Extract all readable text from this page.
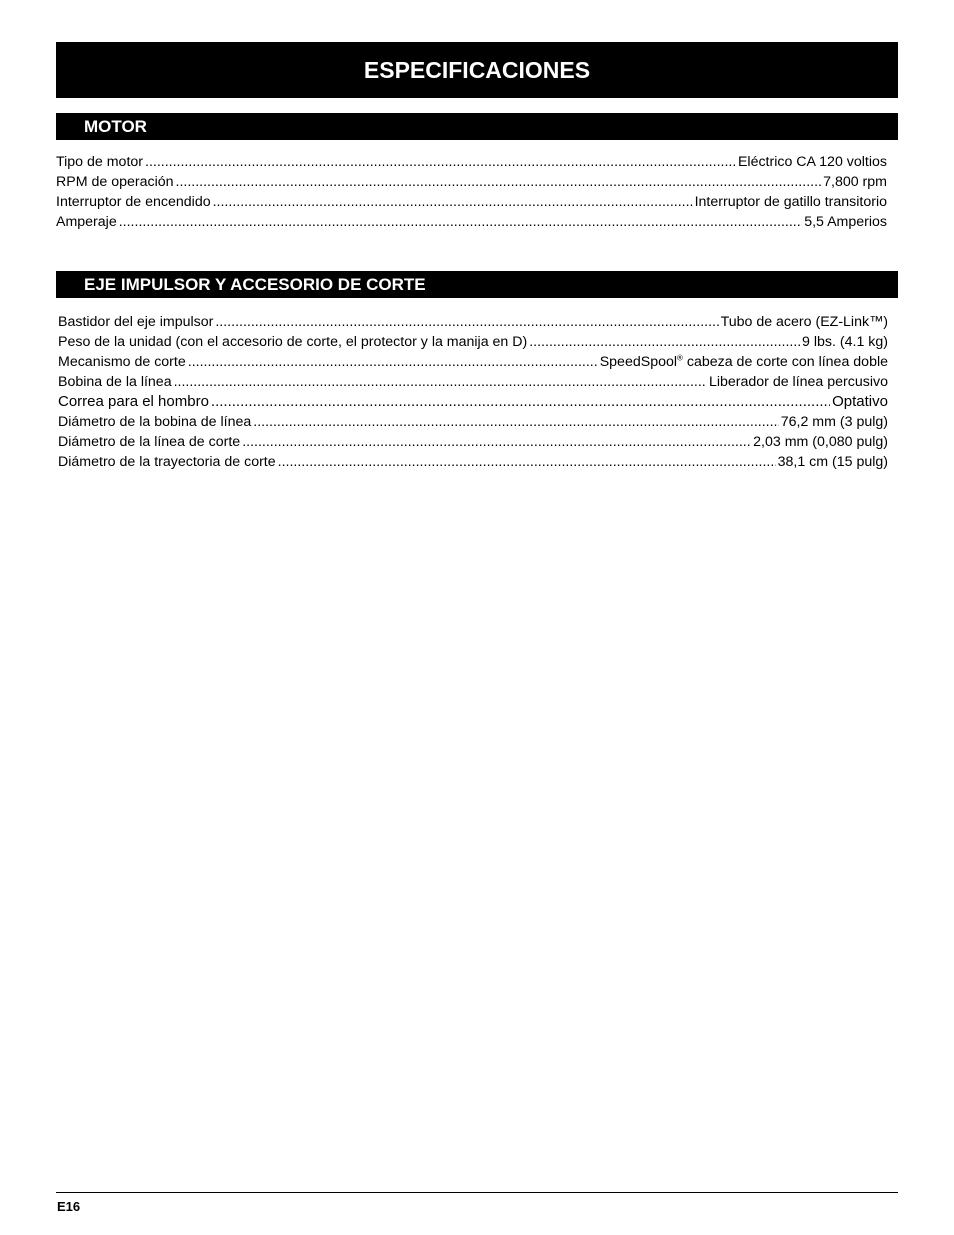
ESPECIFICACIONES
MOTOR
Tipo de motor .....	Eléctrico CA 120 voltios
RPM de operación .....	7,800 rpm
Interruptor de encendido .....	Interruptor de gatillo transitorio
Amperaje .....	5,5 Amperios
EJE IMPULSOR Y ACCESORIO DE CORTE
Bastidor del eje impulsor .....	Tubo de acero (EZ-Link™)
Peso de la unidad (con el accesorio de corte, el protector y la manija en D) .....	9 lbs. (4.1 kg)
Mecanismo de corte .....	SpeedSpool® cabeza de corte con línea doble
Bobina de la línea .....	Liberador de línea percusivo
Correa para el hombro .....	Optativo
Diámetro de la bobina de línea .....	76,2 mm (3 pulg)
Diámetro de la línea de corte .....	2,03 mm (0,080 pulg)
Diámetro de la trayectoria de corte .....	38,1 cm (15 pulg)
E16
